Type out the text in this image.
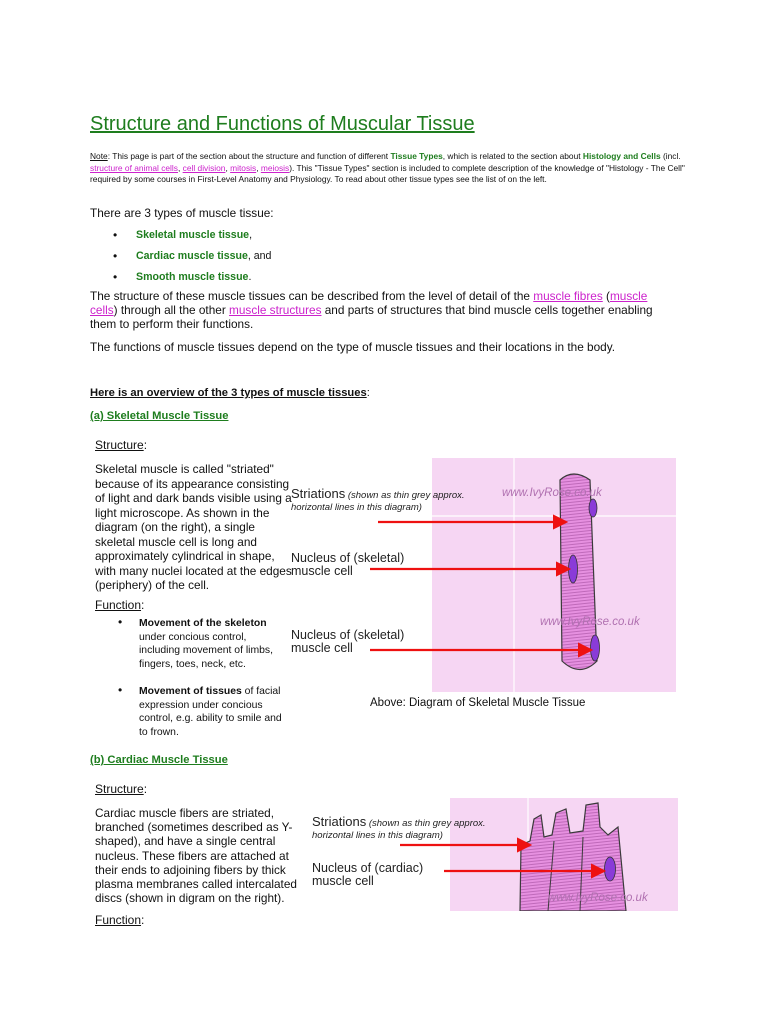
Structure and Functions of Muscular Tissue
Note: This page is part of the section about the structure and function of different Tissue Types, which is related to the section about Histology and Cells (incl. structure of animal cells, cell division, mitosis, meiosis). This "Tissue Types" section is included to complete description of the knowledge of "Histology - The Cell" required by some courses in First-Level Anatomy and Physiology. To read about other tissue types see the list of on the left.
There are 3 types of muscle tissue:
• Skeletal muscle tissue,
• Cardiac muscle tissue, and
• Smooth muscle tissue.
The structure of these muscle tissues can be described from the level of detail of the muscle fibres (muscle cells) through all the other muscle structures and parts of structures that bind muscle cells together enabling them to perform their functions.
The functions of muscle tissues depend on the type of muscle tissues and their locations in the body.
Here is an overview of the 3 types of muscle tissues:
(a) Skeletal Muscle Tissue
Structure:
Skeletal muscle is called "striated" because of its appearance consisting of light and dark bands visible using a light microscope. As shown in the diagram (on the right), a single skeletal muscle cell is long and approximately cylindrical in shape, with many nuclei located at the edges (periphery) of the cell.
Function:
• Movement of the skeleton under concious control, including movement of limbs, fingers, toes, neck, etc.
• Movement of tissues of facial expression under concious control, e.g. ability to smile and to frown.
www.IvyRose.co.uk
www.IvyRose.co.uk
Striations (shown as thin grey approx. horizontal lines in this diagram)
Nucleus of (skeletal) muscle cell
Nucleus of (skeletal) muscle cell
Above: Diagram of Skeletal Muscle Tissue
(b) Cardiac Muscle Tissue
Structure:
Cardiac muscle fibers are striated, branched (sometimes described as Y-shaped), and have a single central nucleus. These fibers are attached at their ends to adjoining fibers by thick plasma membranes called intercalated discs (shown in digram on the right).
Function:
www.IvyRose.co.uk
Striations (shown as thin grey approx. horizontal lines in this diagram)
Nucleus of (cardiac) muscle cell
